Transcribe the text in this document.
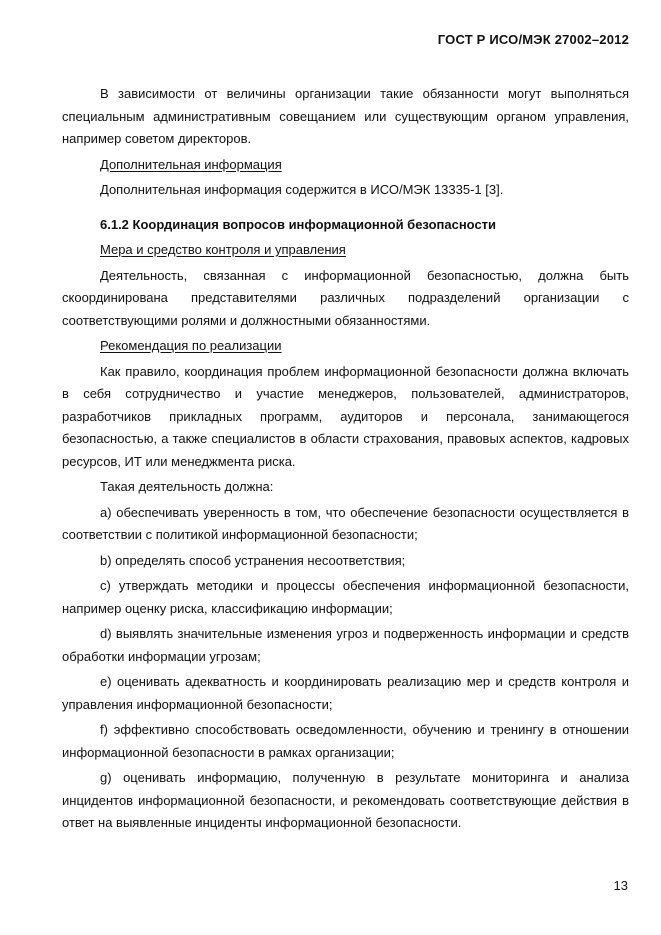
ГОСТ Р ИСО/МЭК 27002–2012

В зависимости от величины организации такие обязанности могут выполняться специальным административным совещанием или существующим органом управления, например советом директоров.

Дополнительная информация

Дополнительная информация содержится в ИСО/МЭК 13335-1 [3].

6.1.2 Координация вопросов информационной безопасности

Мера и средство контроля и управления

Деятельность, связанная с информационной безопасностью, должна быть скоординирована представителями различных подразделений организации с соответствующими ролями и должностными обязанностями.

Рекомендация по реализации

Как правило, координация проблем информационной безопасности должна включать в себя сотрудничество и участие менеджеров, пользователей, администраторов, разработчиков прикладных программ, аудиторов и персонала, занимающегося безопасностью, а также специалистов в области страхования, правовых аспектов, кадровых ресурсов, ИТ или менеджмента риска.

Такая деятельность должна:

a) обеспечивать уверенность в том, что обеспечение безопасности осуществляется в соответствии с политикой информационной безопасности;

b) определять способ устранения несоответствия;

c) утверждать методики и процессы обеспечения информационной безопасности, например оценку риска, классификацию информации;

d) выявлять значительные изменения угроз и подверженность информации и средств обработки информации угрозам;

e) оценивать адекватность и координировать реализацию мер и средств контроля и управления информационной безопасности;

f) эффективно способствовать осведомленности, обучению и тренингу в отношении информационной безопасности в рамках организации;

g) оценивать информацию, полученную в результате мониторинга и анализа инцидентов информационной безопасности, и рекомендовать соответствующие действия в ответ на выявленные инциденты информационной безопасности.

13
